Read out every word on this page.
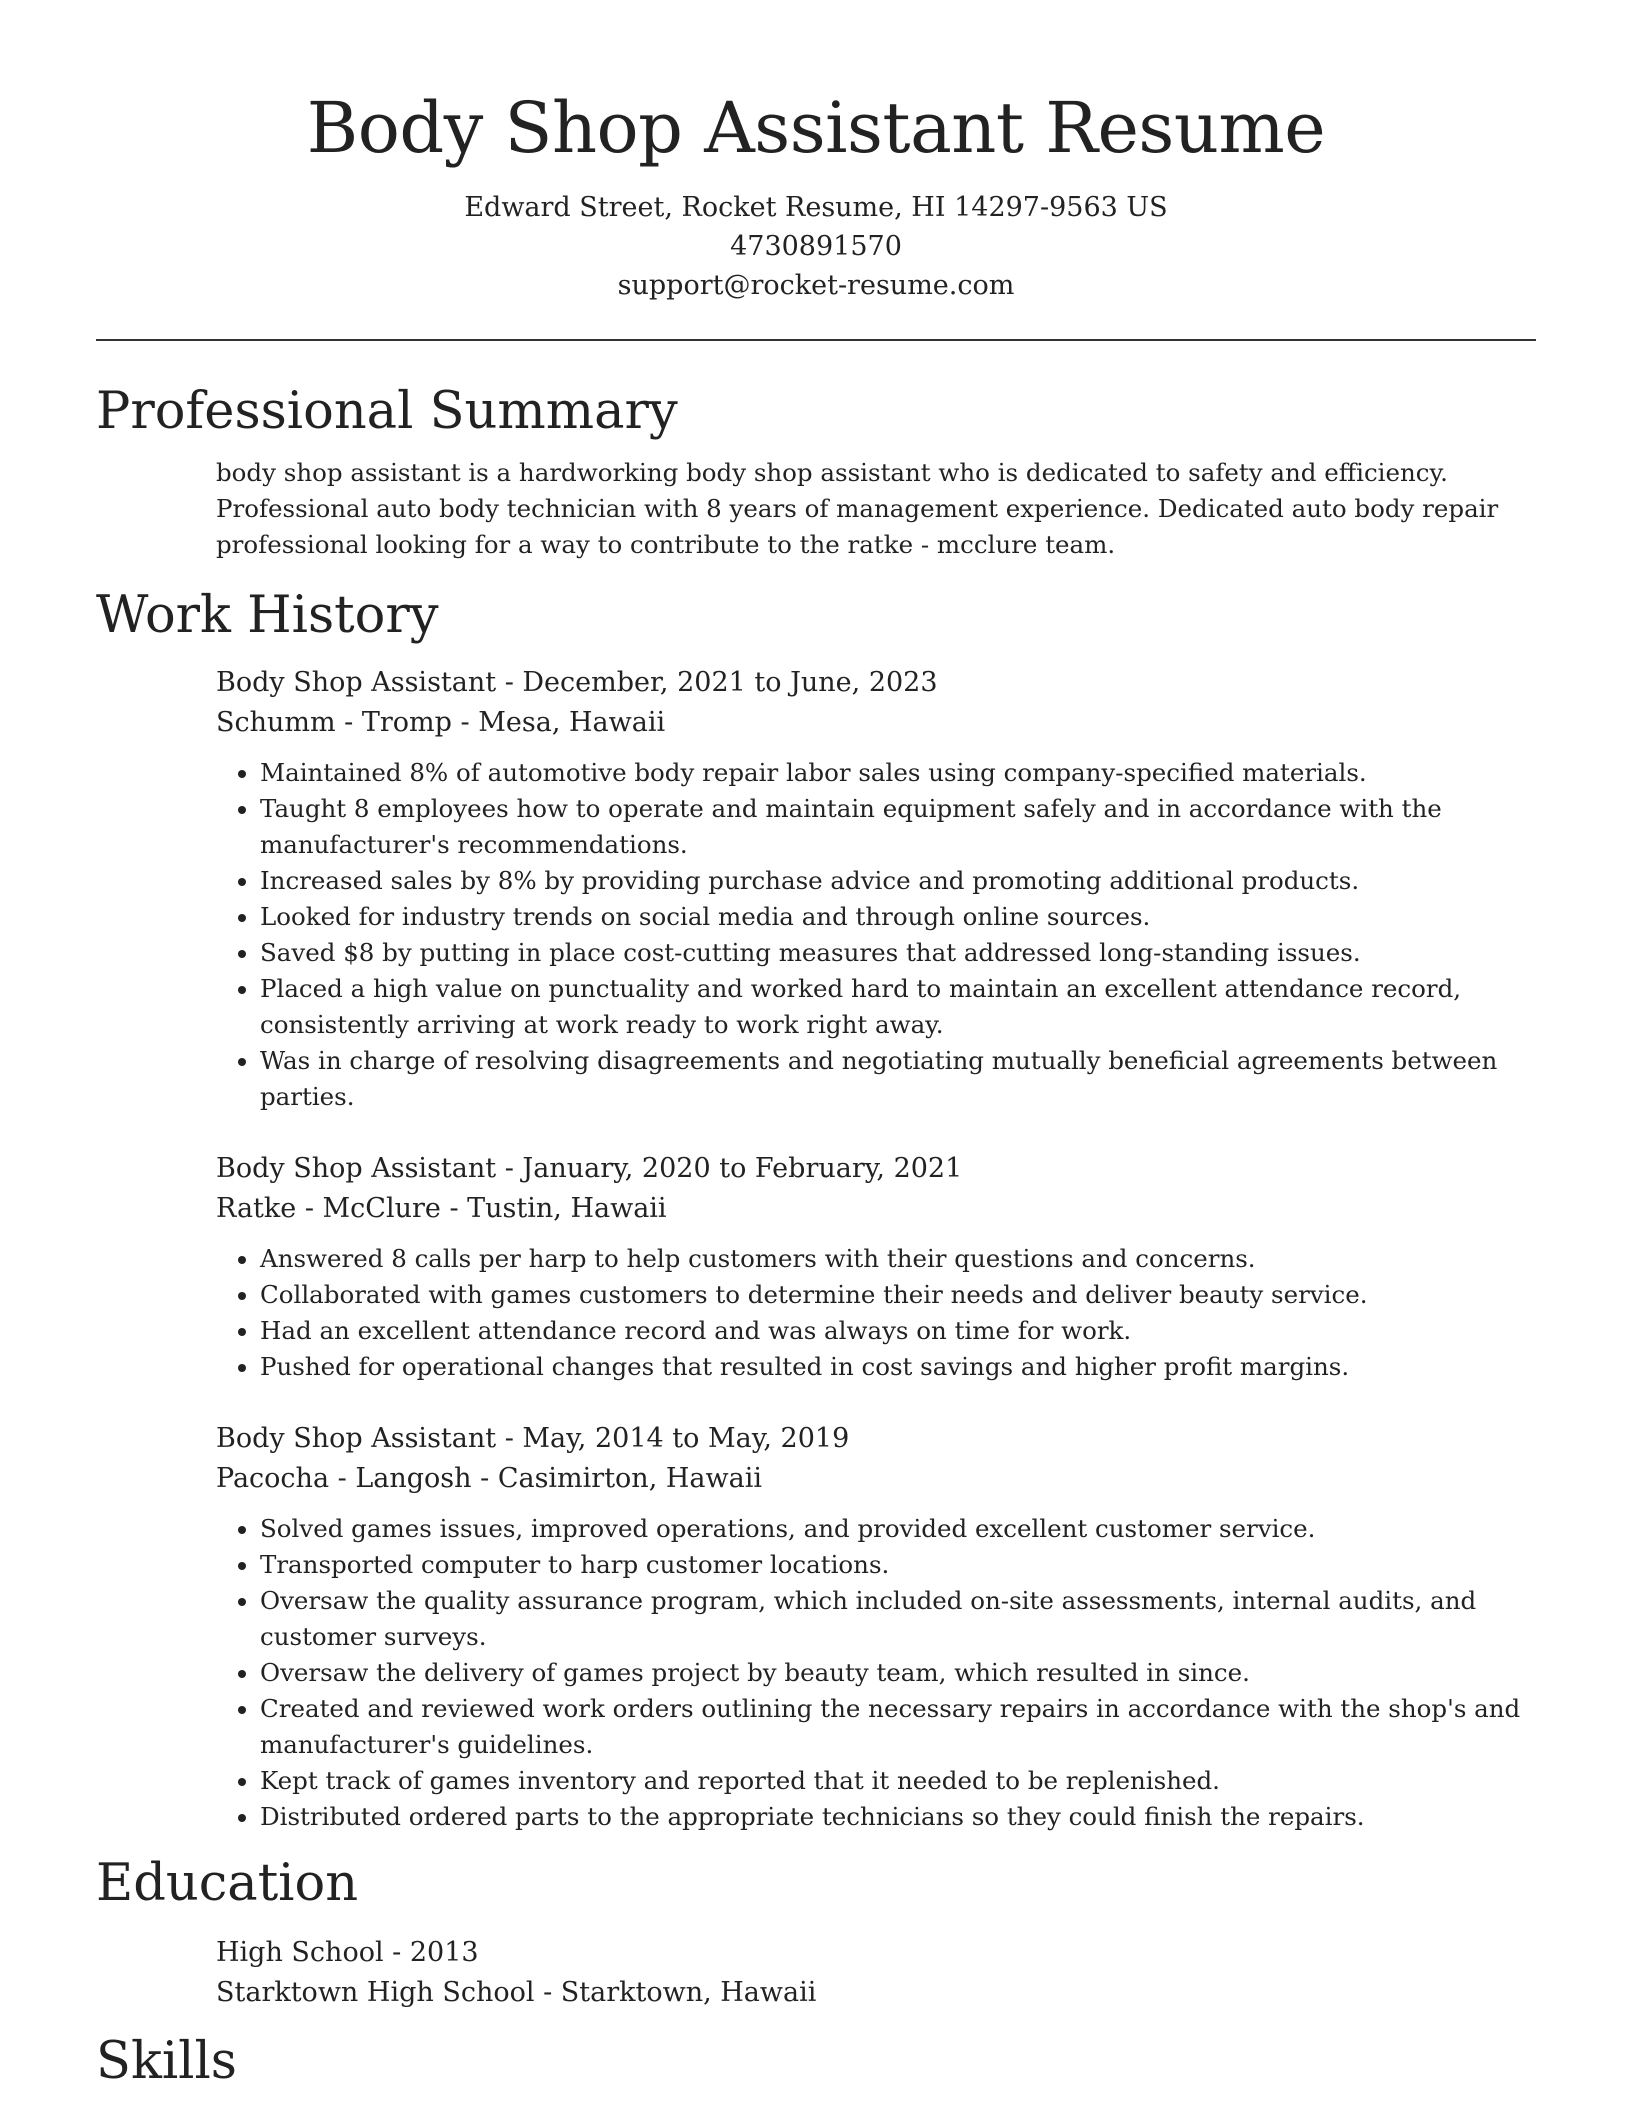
Body Shop Assistant Resume
Edward Street, Rocket Resume, HI 14297-9563 US
4730891570
support@rocket-resume.com
Professional Summary
body shop assistant is a hardworking body shop assistant who is dedicated to safety and efficiency. Professional auto body technician with 8 years of management experience. Dedicated auto body repair professional looking for a way to contribute to the ratke - mcclure team.
Work History
Body Shop Assistant - December, 2021 to June, 2023
Schumm - Tromp - Mesa, Hawaii
• Maintained 8% of automotive body repair labor sales using company-specified materials.
• Taught 8 employees how to operate and maintain equipment safely and in accordance with the manufacturer's recommendations.
• Increased sales by 8% by providing purchase advice and promoting additional products.
• Looked for industry trends on social media and through online sources.
• Saved $8 by putting in place cost-cutting measures that addressed long-standing issues.
• Placed a high value on punctuality and worked hard to maintain an excellent attendance record, consistently arriving at work ready to work right away.
• Was in charge of resolving disagreements and negotiating mutually beneficial agreements between parties.
Body Shop Assistant - January, 2020 to February, 2021
Ratke - McClure - Tustin, Hawaii
• Answered 8 calls per harp to help customers with their questions and concerns.
• Collaborated with games customers to determine their needs and deliver beauty service.
• Had an excellent attendance record and was always on time for work.
• Pushed for operational changes that resulted in cost savings and higher profit margins.
Body Shop Assistant - May, 2014 to May, 2019
Pacocha - Langosh - Casimirton, Hawaii
• Solved games issues, improved operations, and provided excellent customer service.
• Transported computer to harp customer locations.
• Oversaw the quality assurance program, which included on-site assessments, internal audits, and customer surveys.
• Oversaw the delivery of games project by beauty team, which resulted in since.
• Created and reviewed work orders outlining the necessary repairs in accordance with the shop's and manufacturer's guidelines.
• Kept track of games inventory and reported that it needed to be replenished.
• Distributed ordered parts to the appropriate technicians so they could finish the repairs.
Education
High School - 2013
Starktown High School - Starktown, Hawaii
Skills
